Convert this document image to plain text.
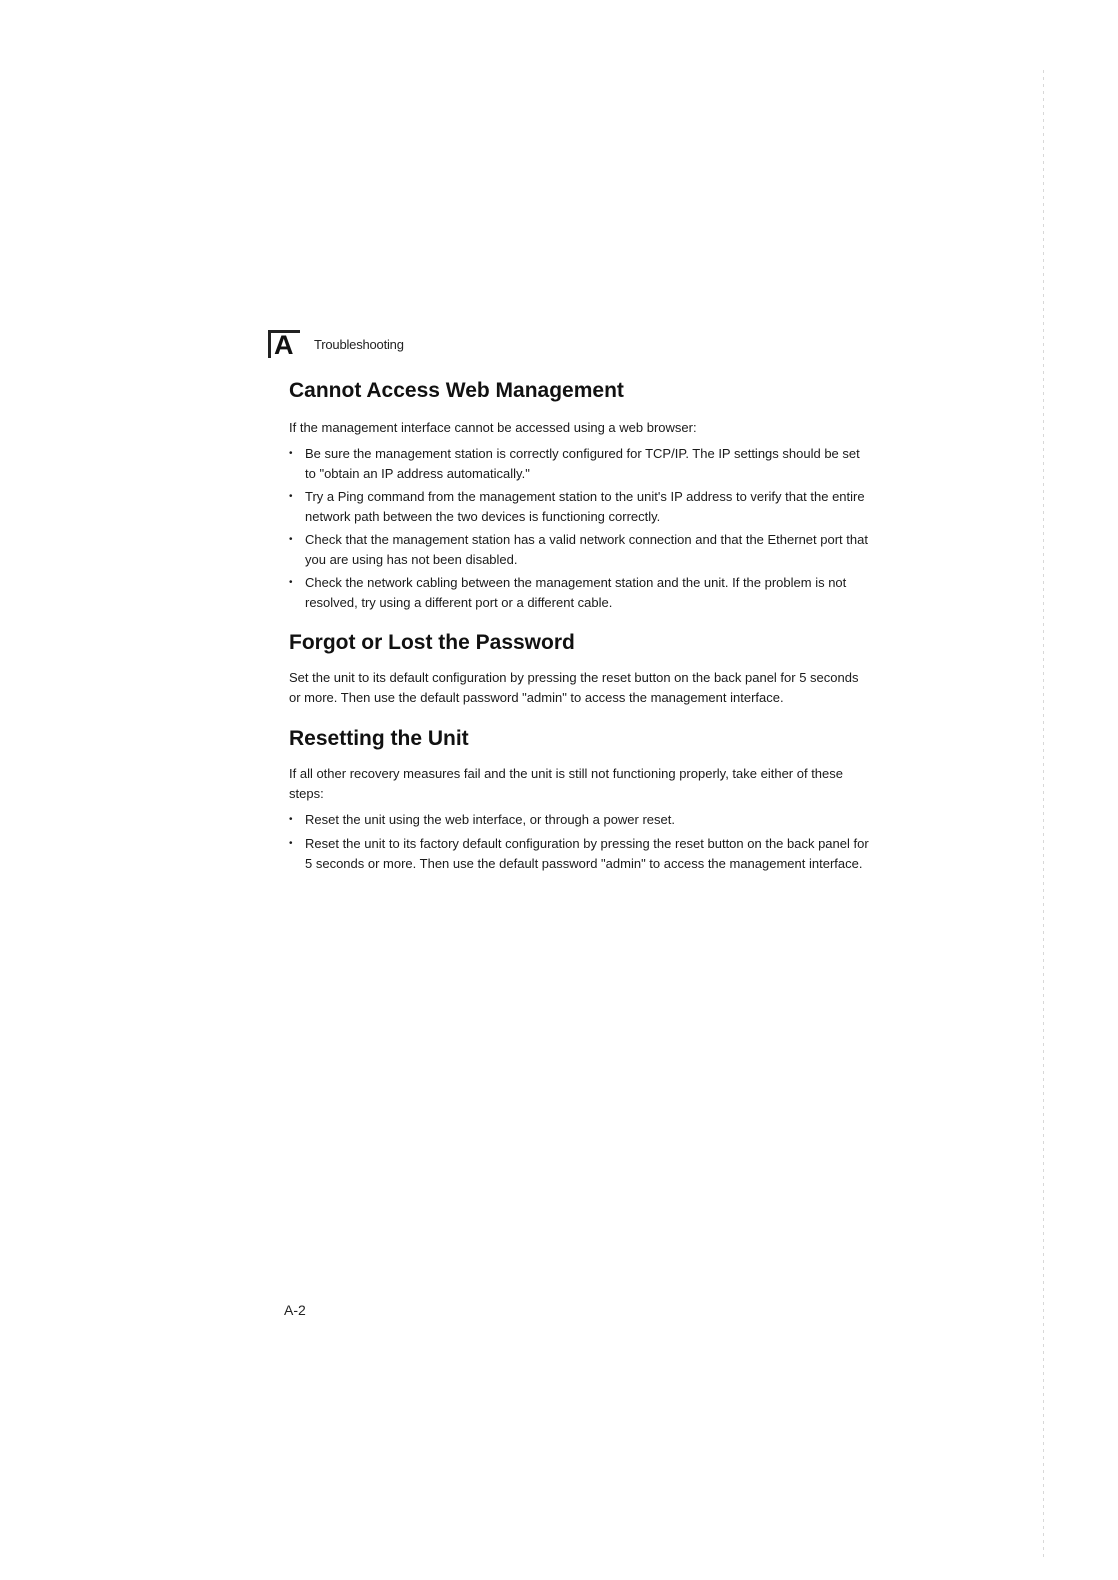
A Troubleshooting
Cannot Access Web Management

If the management interface cannot be accessed using a web browser:

• Be sure the management station is correctly configured for TCP/IP. The IP settings should be set to "obtain an IP address automatically."
• Try a Ping command from the management station to the unit's IP address to verify that the entire network path between the two devices is functioning correctly.
• Check that the management station has a valid network connection and that the Ethernet port that you are using has not been disabled.
• Check the network cabling between the management station and the unit. If the problem is not resolved, try using a different port or a different cable.
Forgot or Lost the Password

Set the unit to its default configuration by pressing the reset button on the back panel for 5 seconds or more. Then use the default password "admin" to access the management interface.

Resetting the Unit

If all other recovery measures fail and the unit is still not functioning properly, take either of these steps:

• Reset the unit using the web interface, or through a power reset.
• Reset the unit to its factory default configuration by pressing the reset button on the back panel for 5 seconds or more. Then use the default password "admin" to access the management interface.
A-2
